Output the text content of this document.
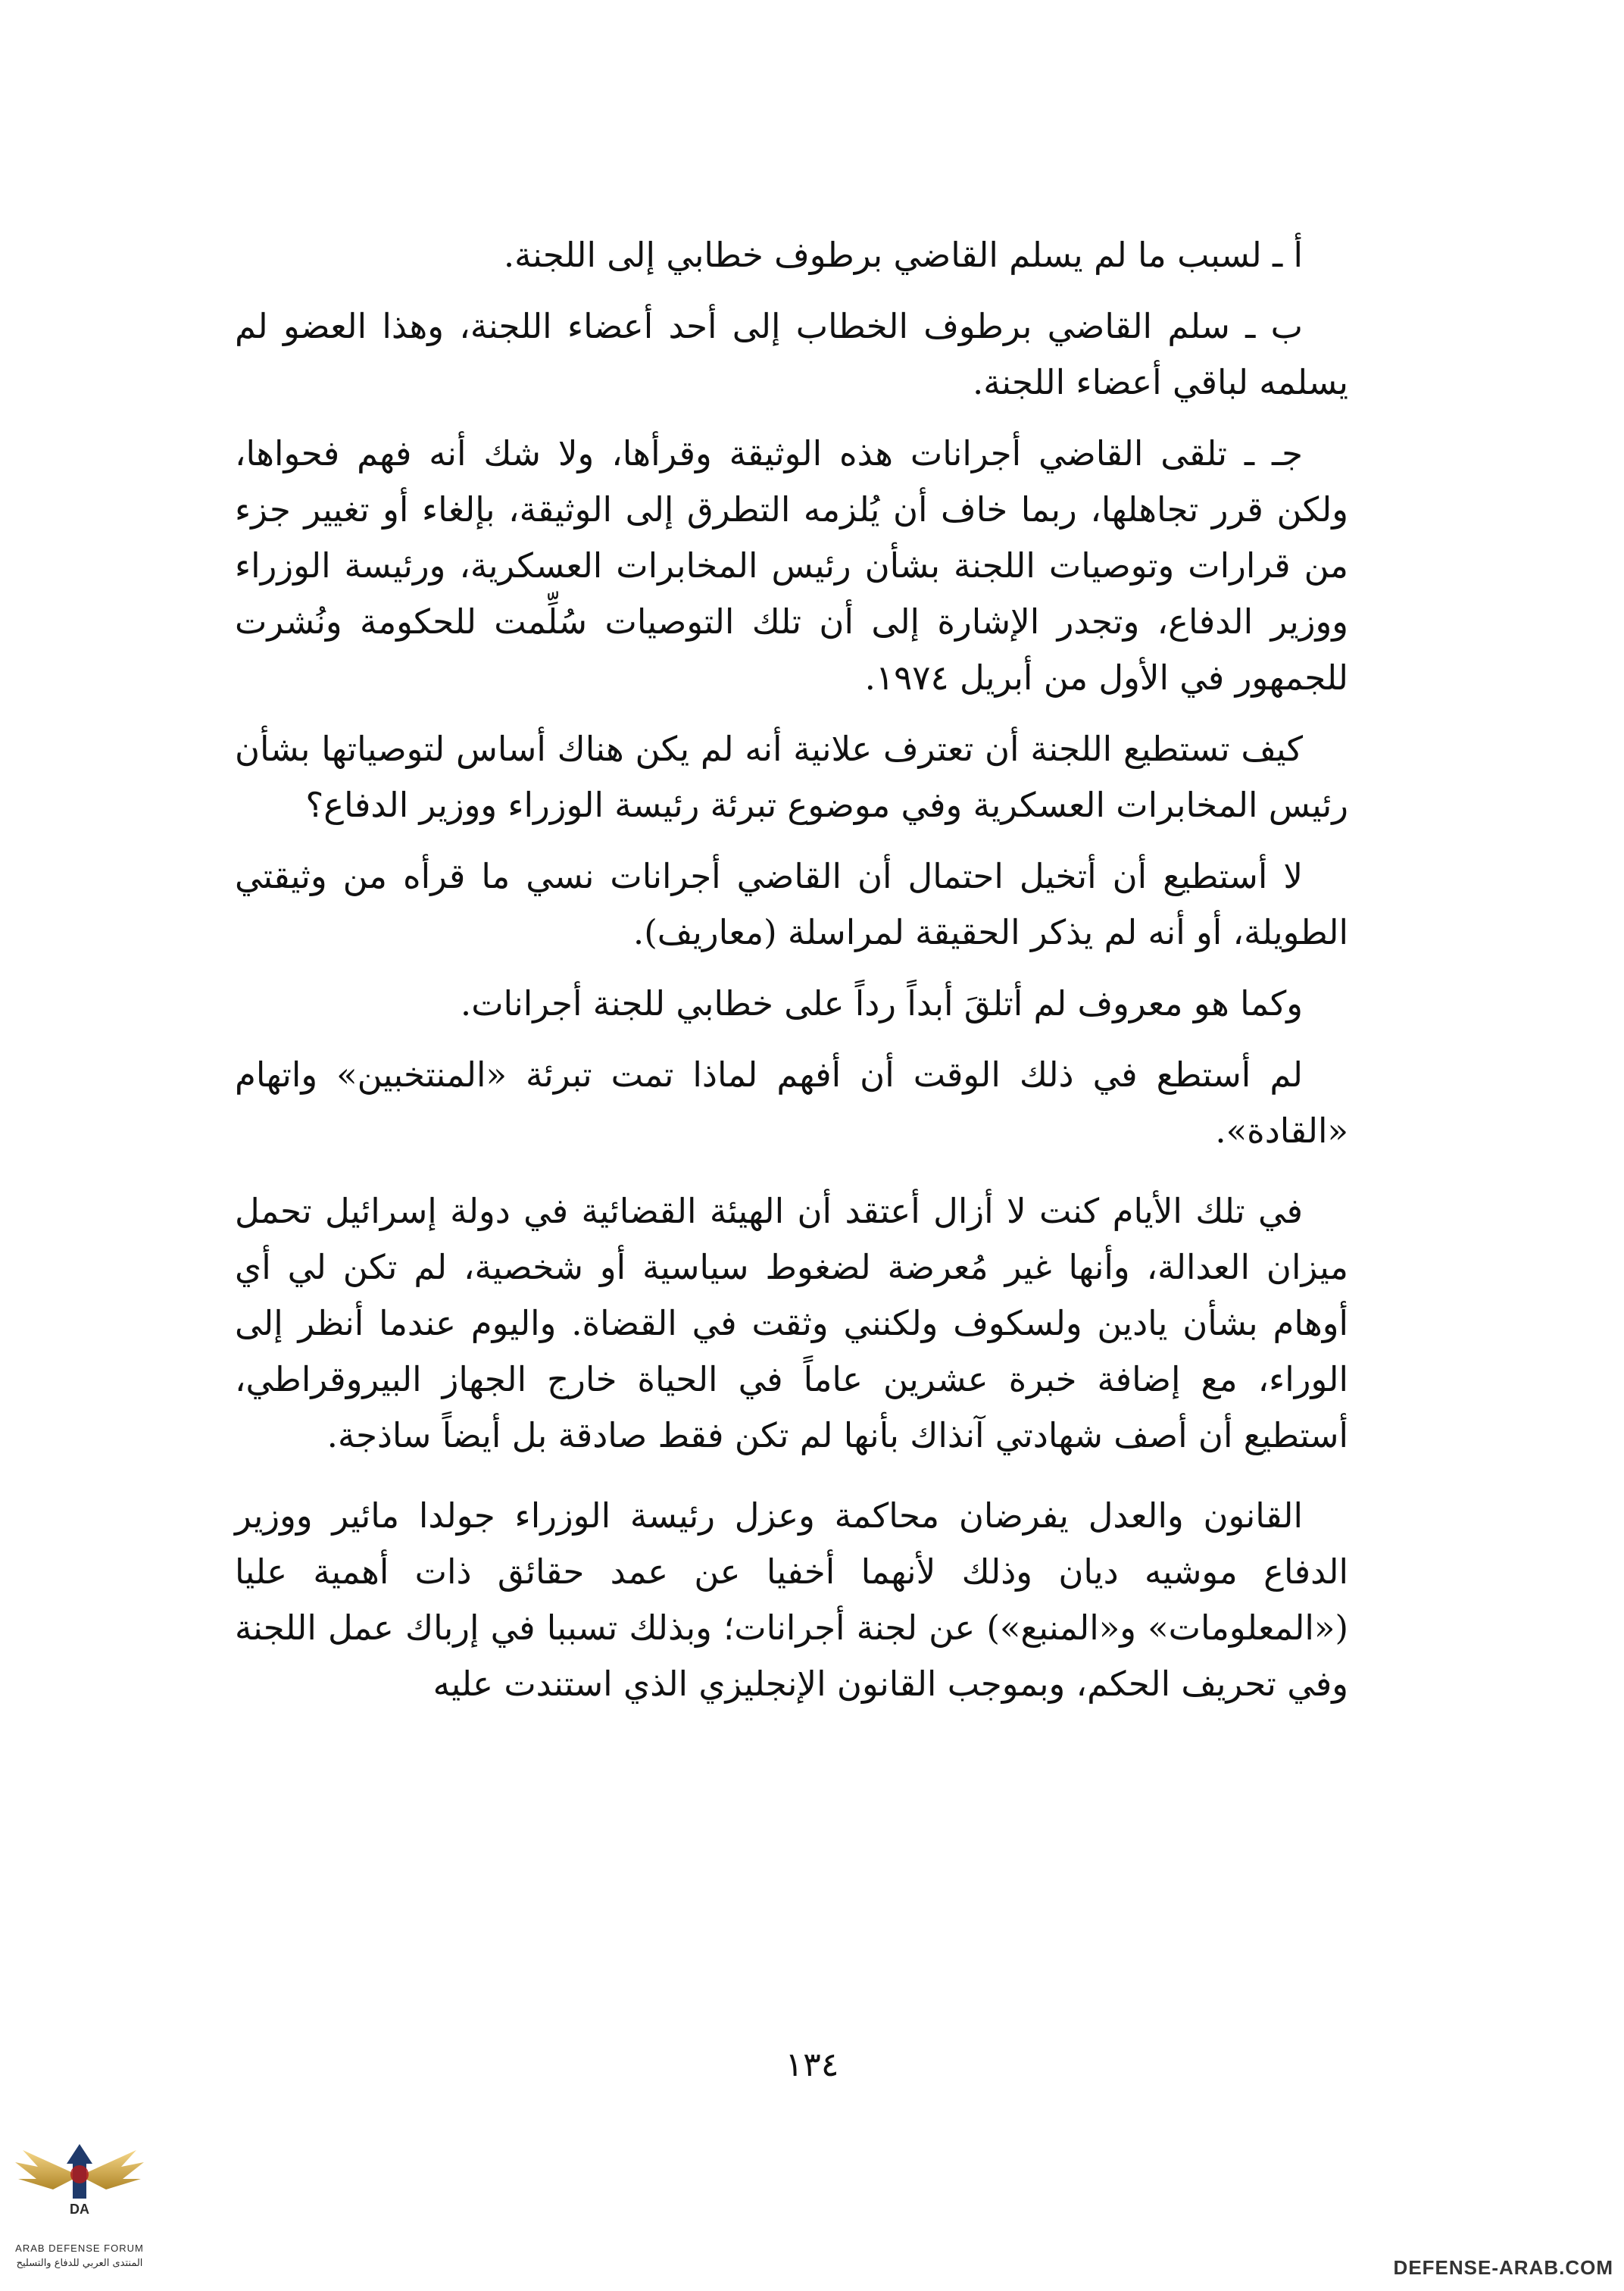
أ ـ لسبب ما لم يسلم القاضي برطوف خطابي إلى اللجنة.

ب ـ سلم القاضي برطوف الخطاب إلى أحد أعضاء اللجنة، وهذا العضو لم يسلمه لباقي أعضاء اللجنة.

جـ ـ تلقى القاضي أجرانات هذه الوثيقة وقرأها، ولا شك أنه فهم فحواها، ولكن قرر تجاهلها، ربما خاف أن يُلزمه التطرق إلى الوثيقة، بإلغاء أو تغيير جزء من قرارات وتوصيات اللجنة بشأن رئيس المخابرات العسكرية، ورئيسة الوزراء ووزير الدفاع، وتجدر الإشارة إلى أن تلك التوصيات سُلِّمت للحكومة ونُشرت للجمهور في الأول من أبريل ١٩٧٤.

كيف تستطيع اللجنة أن تعترف علانية أنه لم يكن هناك أساس لتوصياتها بشأن رئيس المخابرات العسكرية وفي موضوع تبرئة رئيسة الوزراء ووزير الدفاع؟

لا أستطيع أن أتخيل احتمال أن القاضي أجرانات نسي ما قرأه من وثيقتي الطويلة، أو أنه لم يذكر الحقيقة لمراسلة (معاريف).

وكما هو معروف لم أتلقَ أبداً رداً على خطابي للجنة أجرانات.

لم أستطع في ذلك الوقت أن أفهم لماذا تمت تبرئة «المنتخبين» واتهام «القادة».

في تلك الأيام كنت لا أزال أعتقد أن الهيئة القضائية في دولة إسرائيل تحمل ميزان العدالة، وأنها غير مُعرضة لضغوط سياسية أو شخصية، لم تكن لي أي أوهام بشأن يادين ولسكوف ولكنني وثقت في القضاة. واليوم عندما أنظر إلى الوراء، مع إضافة خبرة عشرين عاماً في الحياة خارج الجهاز البيروقراطي، أستطيع أن أصف شهادتي آنذاك بأنها لم تكن فقط صادقة بل أيضاً ساذجة.

القانون والعدل يفرضان محاكمة وعزل رئيسة الوزراء جولدا مائير ووزير الدفاع موشيه ديان وذلك لأنهما أخفيا عن عمد حقائق ذات أهمية عليا («المعلومات» و«المنبع») عن لجنة أجرانات؛ وبذلك تسببا في إرباك عمل اللجنة وفي تحريف الحكم، وبموجب القانون الإنجليزي الذي استندت عليه

١٣٤
DA
ARAB DEFENSE FORUM
المنتدى العربي للدفاع والتسليح	DEFENSE-ARAB.COM
